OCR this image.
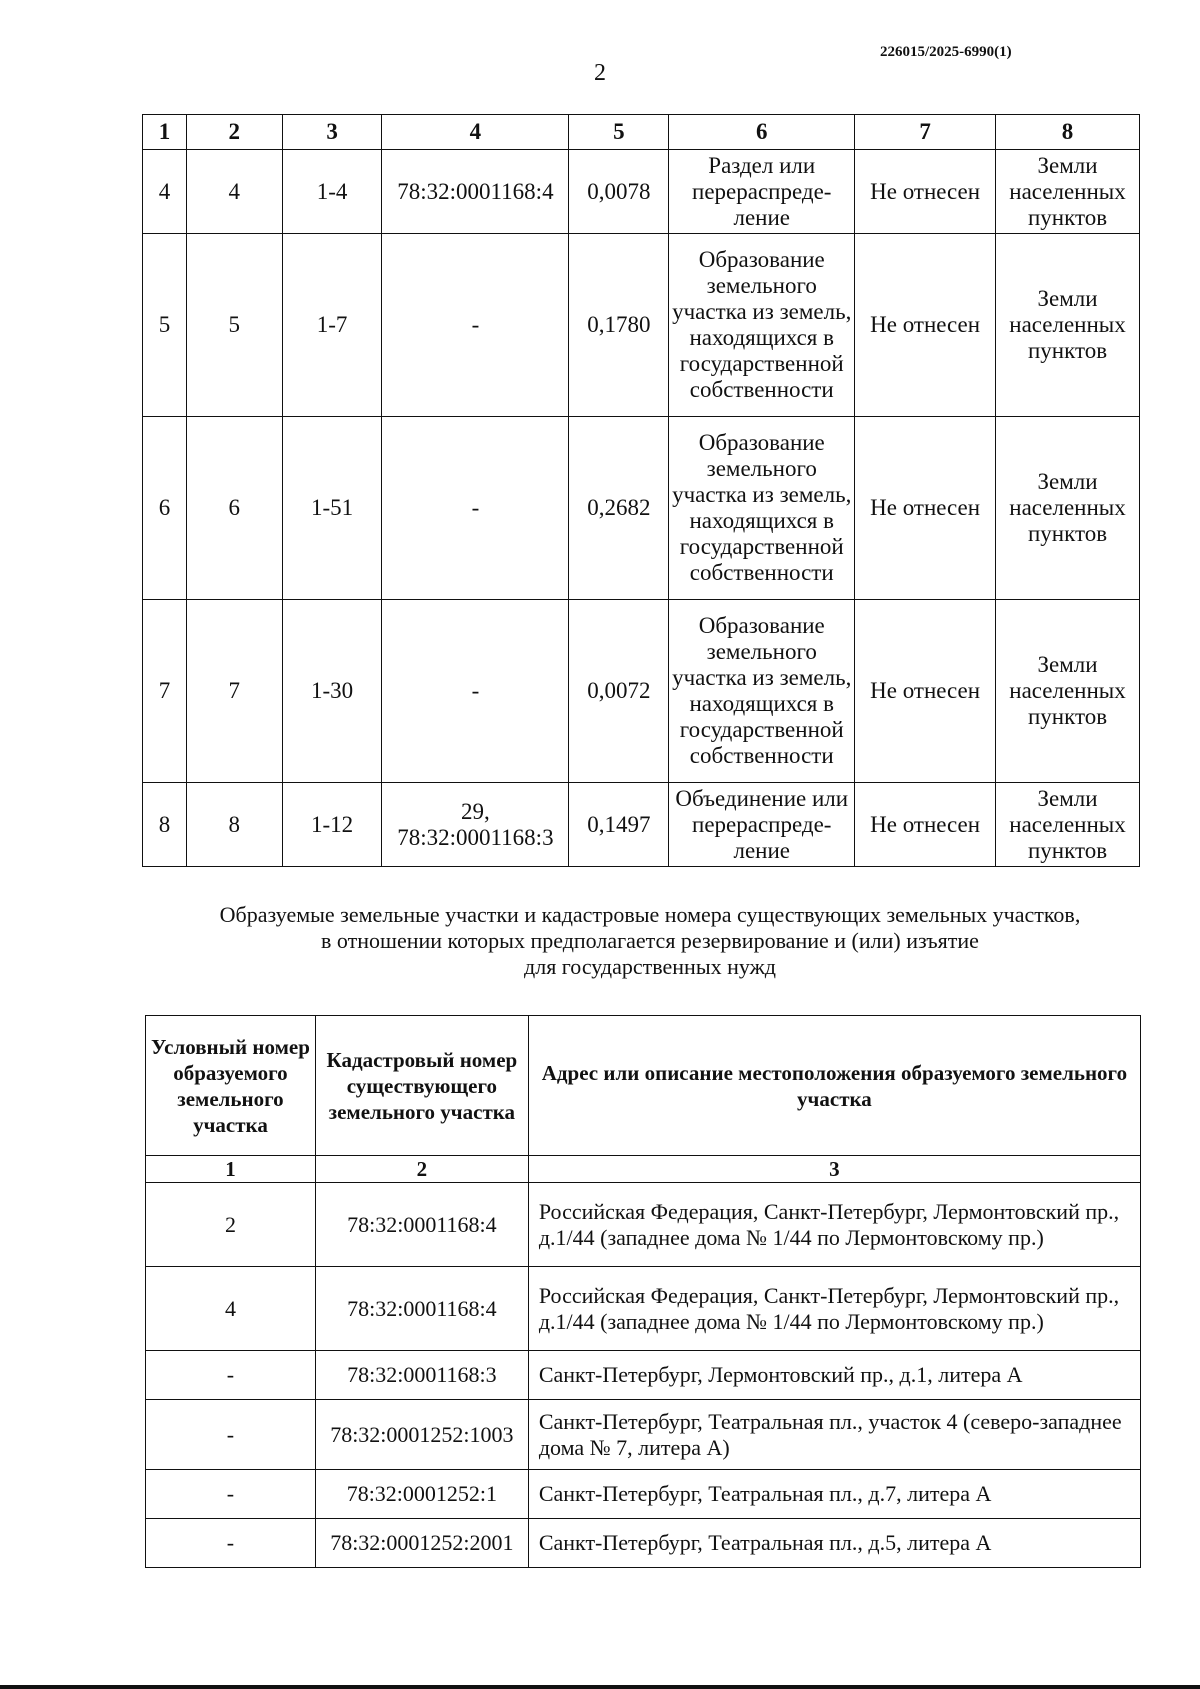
226015/2025-6990(1)
2
1	2	3	4	5	6	7	8
4	4	1-4	78:32:0001168:4	0,0078	Раздел или перераспреде-ление	Не отнесен	Земли населенных пунктов
5	5	1-7	-	0,1780	Образование земельного участка из земель, находящихся в государственной собственности	Не отнесен	Земли населенных пунктов
6	6	1-51	-	0,2682	Образование земельного участка из земель, находящихся в государственной собственности	Не отнесен	Земли населенных пунктов
7	7	1-30	-	0,0072	Образование земельного участка из земель, находящихся в государственной собственности	Не отнесен	Земли населенных пунктов
8	8	1-12	29, 78:32:0001168:3	0,1497	Объединение или перераспреде-ление	Не отнесен	Земли населенных пунктов
Образуемые земельные участки и кадастровые номера существующих земельных участков,
в отношении которых предполагается резервирование и (или) изъятие
для государственных нужд
Условный номер образуемого земельного участка	Кадастровый номер существующего земельного участка	Адрес или описание местоположения образуемого земельного участка
1	2	3
2	78:32:0001168:4	Российская Федерация, Санкт-Петербург, Лермонтовский пр., д.1/44 (западнее дома № 1/44 по Лермонтовскому пр.)
4	78:32:0001168:4	Российская Федерация, Санкт-Петербург, Лермонтовский пр., д.1/44 (западнее дома № 1/44 по Лермонтовскому пр.)
-	78:32:0001168:3	Санкт-Петербург, Лермонтовский пр., д.1, литера А
-	78:32:0001252:1003	Санкт-Петербург, Театральная пл., участок 4 (северо-западнее дома № 7, литера А)
-	78:32:0001252:1	Санкт-Петербург, Театральная пл., д.7, литера А
-	78:32:0001252:2001	Санкт-Петербург, Театральная пл., д.5, литера А
